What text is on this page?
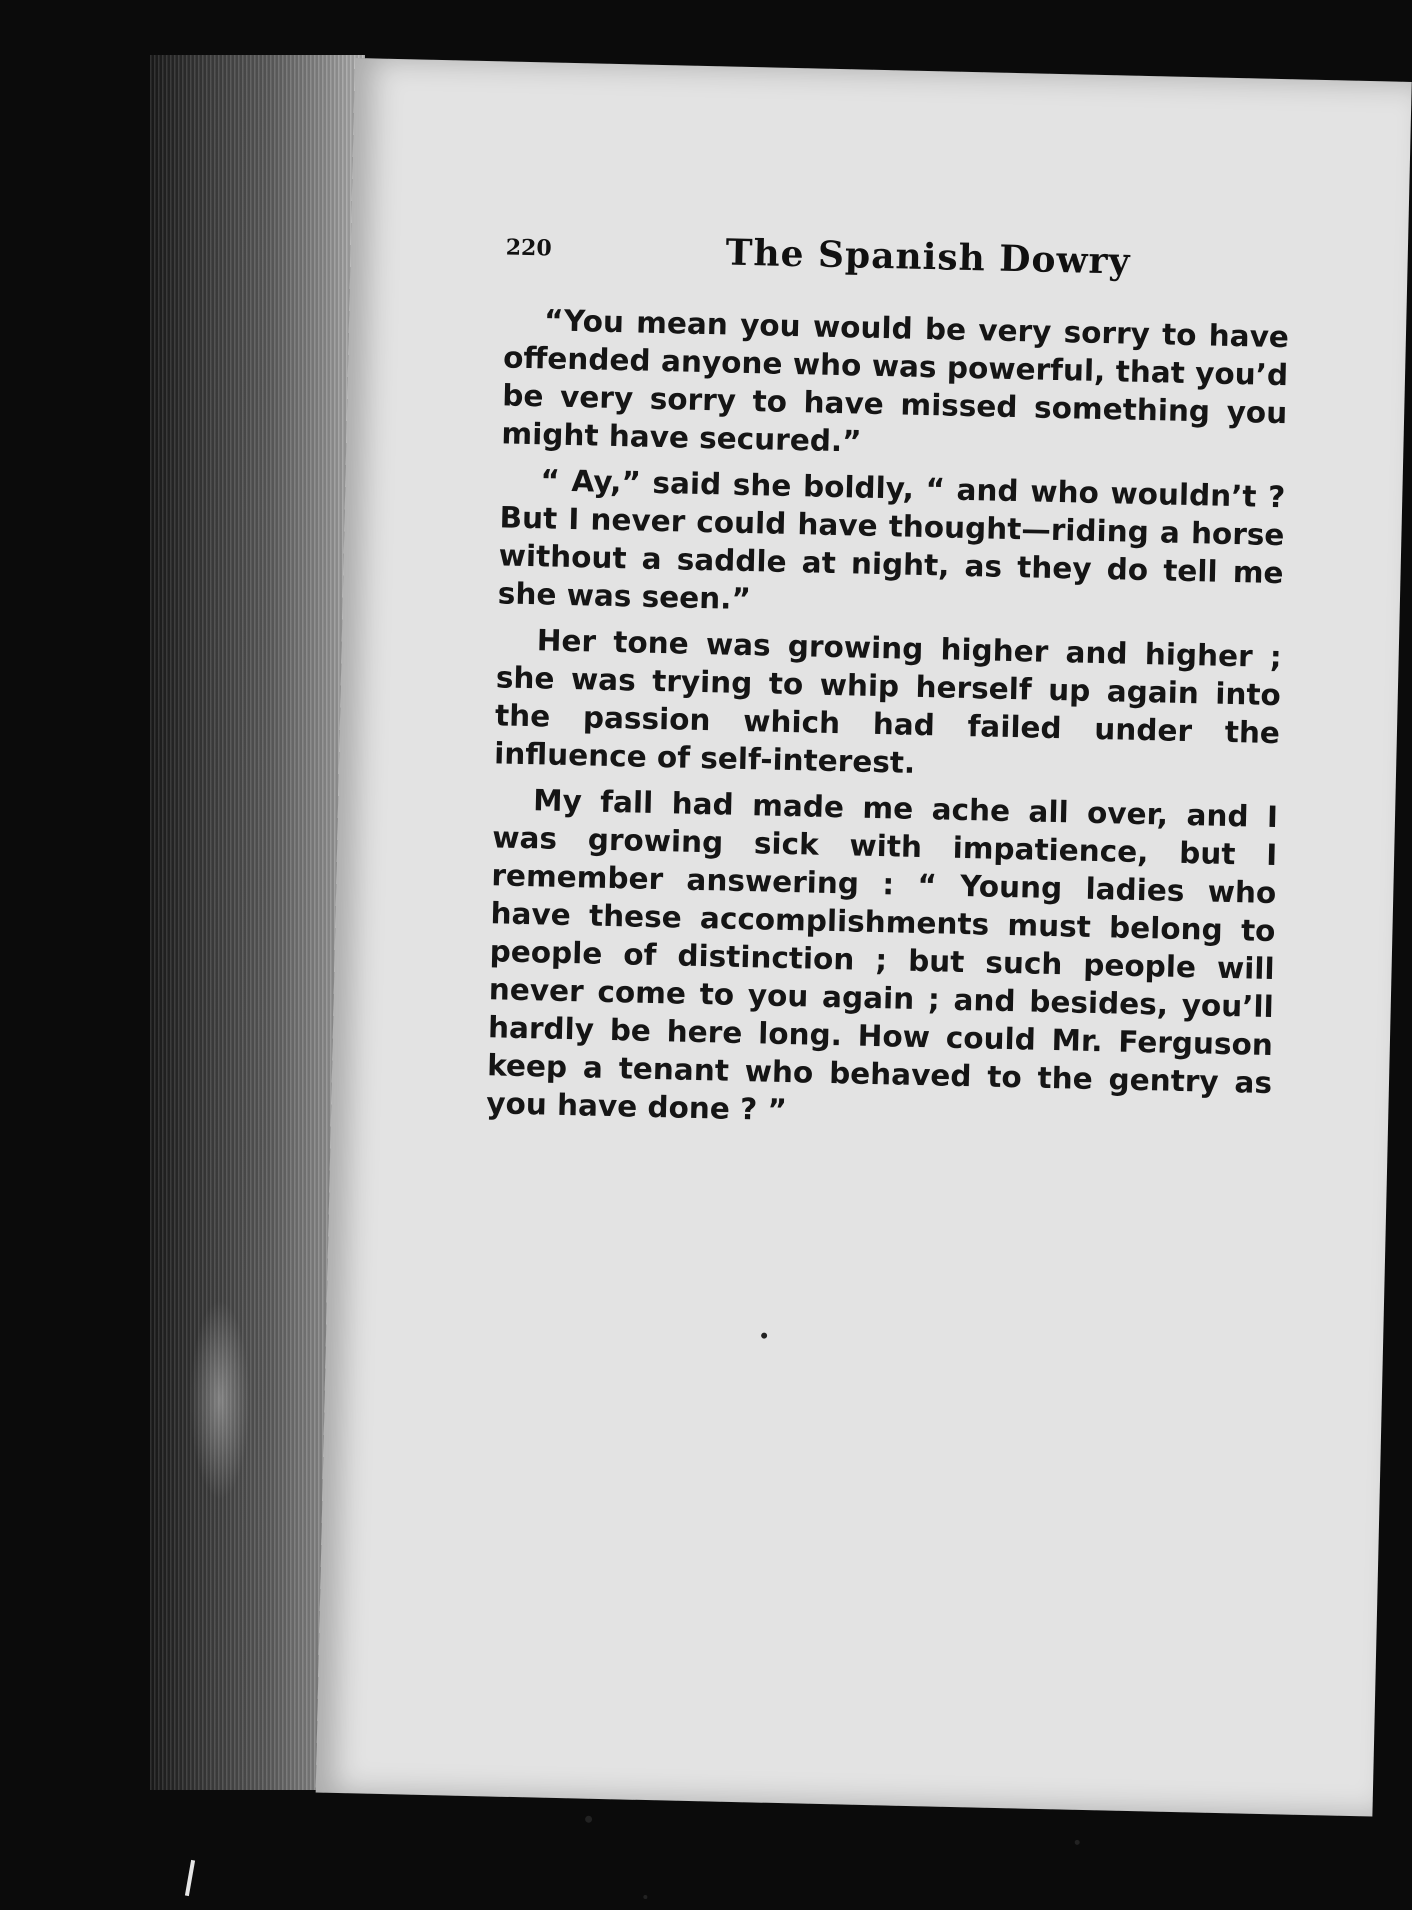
220	The Spanish Dowry

“You mean you would be very sorry to have offended anyone who was powerful, that you’d be very sorry to have missed something you might have secured.”

“ Ay,” said she boldly, “ and who wouldn’t ? But I never could have thought—riding a horse without a saddle at night, as they do tell me she was seen.”

Her tone was growing higher and higher ; she was trying to whip herself up again into the passion which had failed under the influence of self-interest.

My fall had made me ache all over, and I was growing sick with impatience, but I remember answering : “ Young ladies who have these accomplishments must belong to people of distinction ; but such people will never come to you again ; and besides, you’ll hardly be here long. How could Mr. Ferguson keep a tenant who behaved to the gentry as you have done ? ”
